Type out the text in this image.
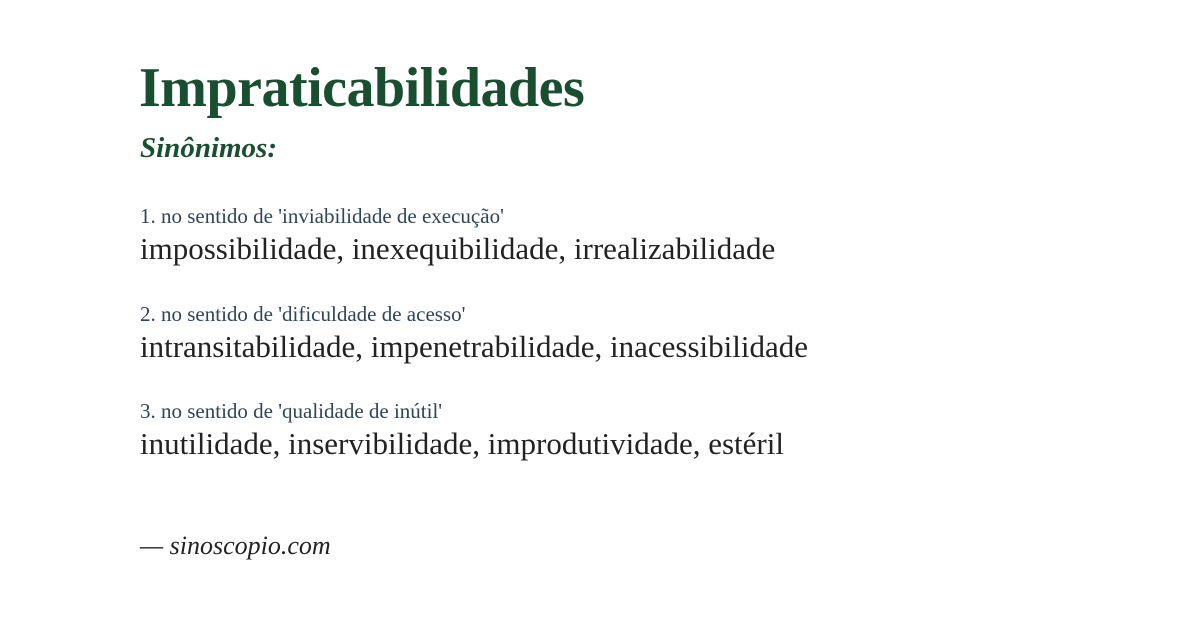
Impraticabilidades
Sinônimos:
1. no sentido de 'inviabilidade de execução'
impossibilidade, inexequibilidade, irrealizabilidade
2. no sentido de 'dificuldade de acesso'
intransitabilidade, impenetrabilidade, inacessibilidade
3. no sentido de 'qualidade de inútil'
inutilidade, inservibilidade, improdutividade, estéril

— sinoscopio.com
